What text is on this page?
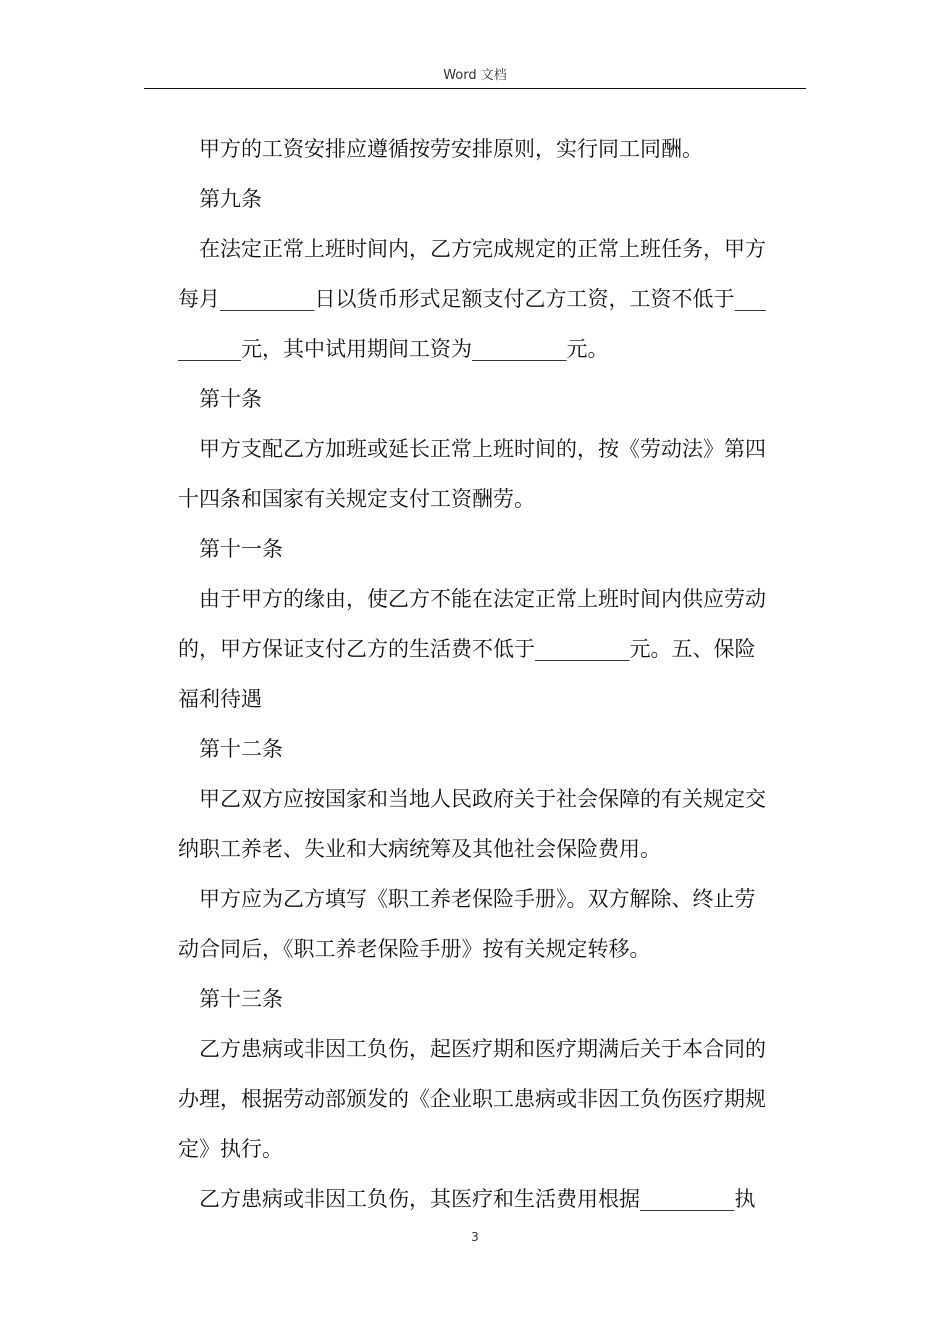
Word 文档
甲方的工资安排应遵循按劳安排原则，实行同工同酬。
第九条
在法定正常上班时间内，乙方完成规定的正常上班任务，甲方
每月_________日以货币形式足额支付乙方工资，工资不低于___
______元，其中试用期间工资为_________元。
第十条
甲方支配乙方加班或延长正常上班时间的，按《劳动法》第四
十四条和国家有关规定支付工资酬劳。
第十一条
由于甲方的缘由，使乙方不能在法定正常上班时间内供应劳动
的，甲方保证支付乙方的生活费不低于_________元。五、保险
福利待遇
第十二条
甲乙双方应按国家和当地人民政府关于社会保障的有关规定交
纳职工养老、失业和大病统筹及其他社会保险费用。
甲方应为乙方填写《职工养老保险手册》。双方解除、终止劳
动合同后，《职工养老保险手册》按有关规定转移。
第十三条
乙方患病或非因工负伤，起医疗期和医疗期满后关于本合同的
办理，根据劳动部颁发的《企业职工患病或非因工负伤医疗期规
定》执行。
乙方患病或非因工负伤，其医疗和生活费用根据_________执
3
